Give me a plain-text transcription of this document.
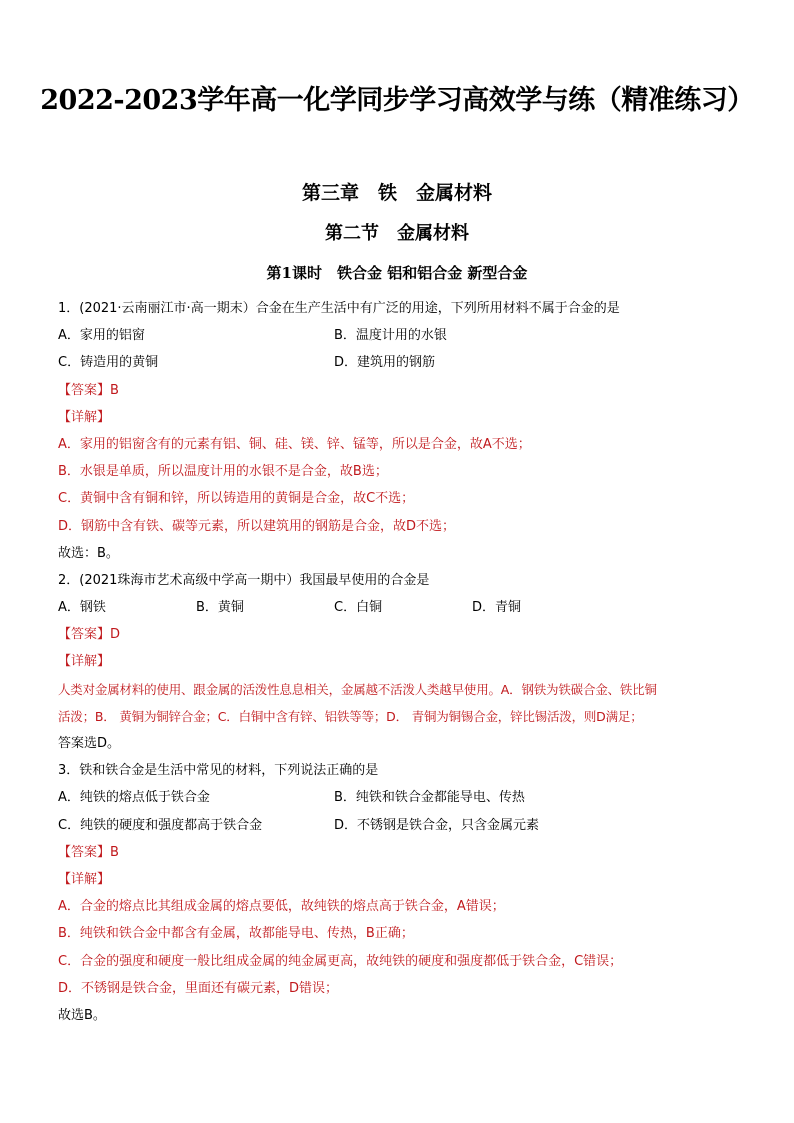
2022-2023学年高一化学同步学习高效学与练（精准练习）
第三章　铁　金属材料
第二节　金属材料
第1课时　铁合金 铝和铝合金 新型合金
1．(2021·云南丽江市·高一期末）合金在生产生活中有广泛的用途，下列所用材料不属于合金的是
A．家用的铝窗	B．温度计用的水银
C．铸造用的黄铜	D．建筑用的钢筋
【答案】B
【详解】
A．家用的铝窗含有的元素有铝、铜、硅、镁、锌、锰等，所以是合金，故A不选；
B．水银是单质，所以温度计用的水银不是合金，故B选；
C．黄铜中含有铜和锌，所以铸造用的黄铜是合金，故C不选；
D．钢筋中含有铁、碳等元素，所以建筑用的钢筋是合金，故D不选；
故选：B。
2．(2021珠海市艺术高级中学高一期中）我国最早使用的合金是
A．钢铁	B．黄铜	C．白铜	D．青铜
【答案】D
【详解】
人类对金属材料的使用、跟金属的活泼性息息相关，金属越不活泼人类越早使用。A．钢铁为铁碳合金、铁比铜
活泼；B． 黄铜为铜锌合金；C．白铜中含有锌、铝铁等等；D． 青铜为铜锡合金，锌比锡活泼，则D满足；
答案选D。
3．铁和铁合金是生活中常见的材料，下列说法正确的是
A．纯铁的熔点低于铁合金	B．纯铁和铁合金都能导电、传热
C．纯铁的硬度和强度都高于铁合金	D．不锈钢是铁合金，只含金属元素
【答案】B
【详解】
A．合金的熔点比其组成金属的熔点要低，故纯铁的熔点高于铁合金，A错误；
B．纯铁和铁合金中都含有金属，故都能导电、传热，B正确；
C．合金的强度和硬度一般比组成金属的纯金属更高，故纯铁的硬度和强度都低于铁合金，C错误；
D．不锈钢是铁合金，里面还有碳元素，D错误；
故选B。
